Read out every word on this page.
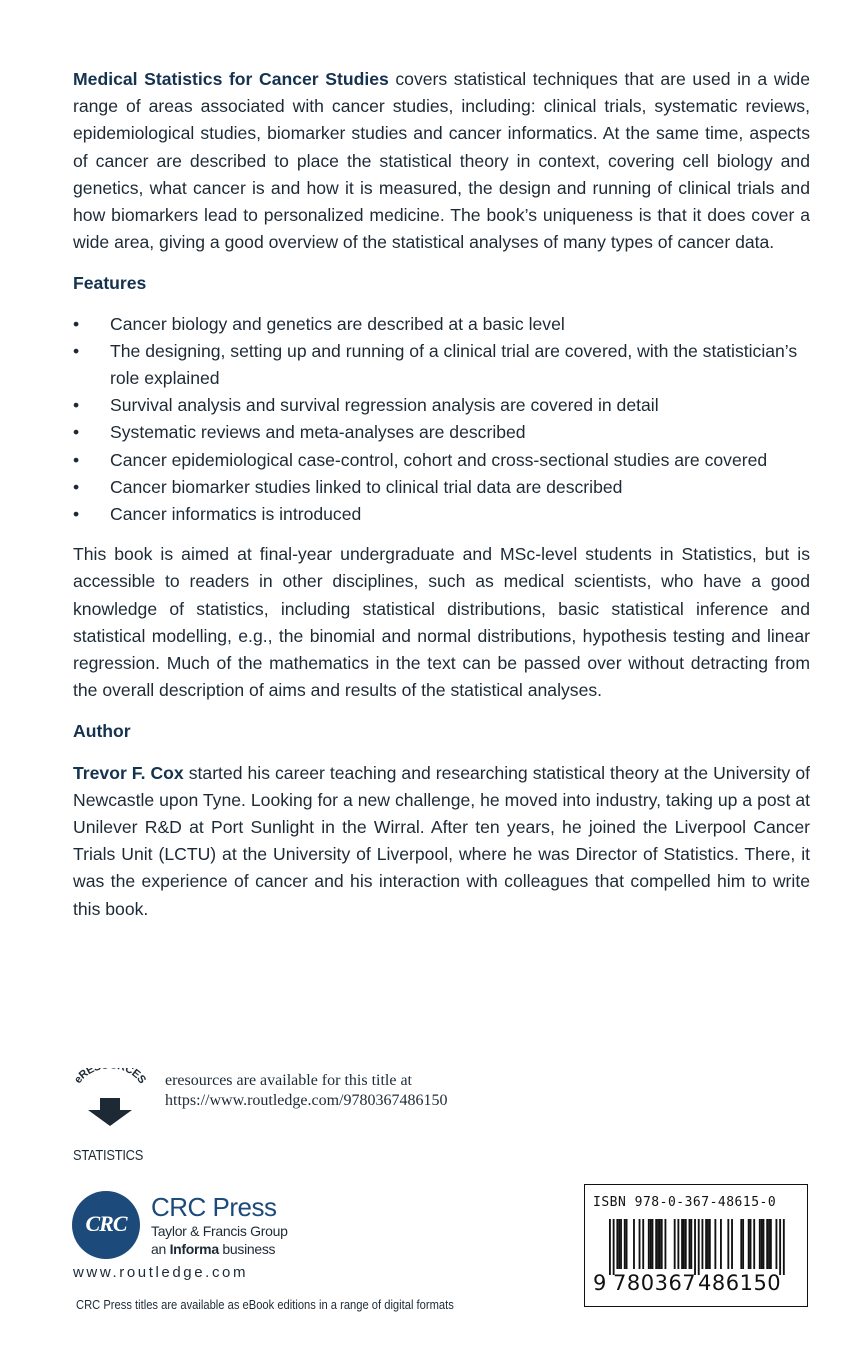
Medical Statistics for Cancer Studies covers statistical techniques that are used in a wide range of areas associated with cancer studies, including: clinical trials, systematic reviews, epidemiological studies, biomarker studies and cancer informatics. At the same time, aspects of cancer are described to place the statistical theory in context, covering cell biology and genetics, what cancer is and how it is measured, the design and running of clinical trials and how biomarkers lead to personalized medicine. The book’s uniqueness is that it does cover a wide area, giving a good overview of the statistical analyses of many types of cancer data.

Features
• Cancer biology and genetics are described at a basic level
• The designing, setting up and running of a clinical trial are covered, with the statistician’s role explained
• Survival analysis and survival regression analysis are covered in detail
• Systematic reviews and meta-analyses are described
• Cancer epidemiological case-control, cohort and cross-sectional studies are covered
• Cancer biomarker studies linked to clinical trial data are described
• Cancer informatics is introduced

This book is aimed at final-year undergraduate and MSc-level students in Statistics, but is accessible to readers in other disciplines, such as medical scientists, who have a good knowledge of statistics, including statistical distributions, basic statistical inference and statistical modelling, e.g., the binomial and normal distributions, hypothesis testing and linear regression. Much of the mathematics in the text can be passed over without detracting from the overall description of aims and results of the statistical analyses.

Author

Trevor F. Cox started his career teaching and researching statistical theory at the University of Newcastle upon Tyne. Looking for a new challenge, he moved into industry, taking up a post at Unilever R&D at Port Sunlight in the Wirral. After ten years, he joined the Liverpool Cancer Trials Unit (LCTU) at the University of Liverpool, where he was Director of Statistics. There, it was the experience of cancer and his interaction with colleagues that compelled him to write this book.

eRE CES eresources are available for this title at
https://www.routledge.com/9780367486150
STATISTICS
CRC
CRC Press
Taylor & Francis Group
an Informa business
www.routledge.com
CRC Press titles are available as eBook editions in a range of digital formats
ISBN 978-0-367-48615-0
9 780367 486150
